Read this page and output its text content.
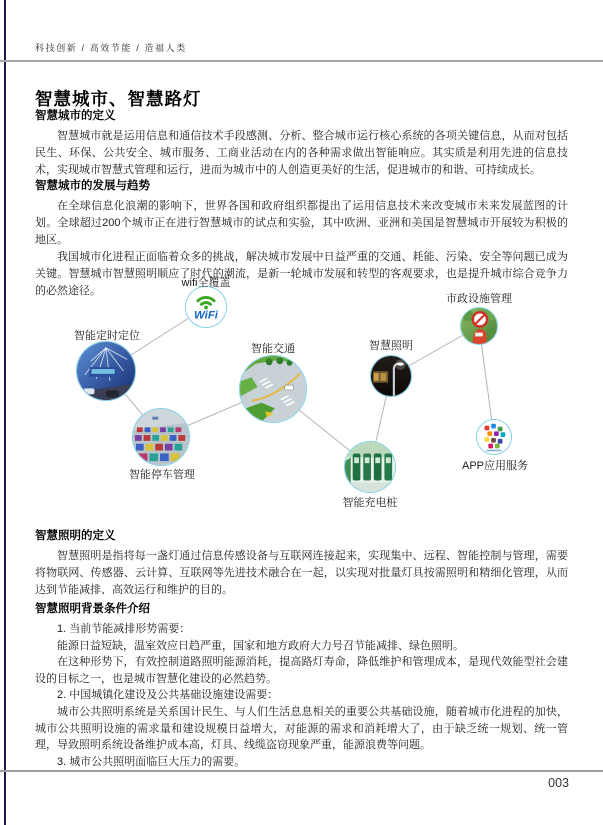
科技创新 / 高效节能 / 造福人类
智慧城市、智慧路灯
智慧城市的定义

智慧城市就是运用信息和通信技术手段感测、分析、整合城市运行核心系统的各项关键信息，从而对包括民生、环保、公共安全、城市服务、工商业活动在内的各种需求做出智能响应。其实质是利用先进的信息技术，实现城市智慧式管理和运行，进而为城市中的人创造更美好的生活，促进城市的和谐、可持续成长。

智慧城市的发展与趋势

在全球信息化浪潮的影响下，世界各国和政府组织都提出了运用信息技术来改变城市未来发展蓝图的计划。全球超过200个城市正在进行智慧城市的试点和实验，其中欧洲、亚洲和美国是智慧城市开展较为积极的地区。

我国城市化进程正面临着众多的挑战，解决城市发展中日益严重的交通、耗能、污染、安全等问题已成为关键。智慧城市智慧照明顺应了时代的潮流，是新一轮城市发展和转型的客观要求，也是提升城市综合竞争力的必然途径。

WiFi
wifi全覆盖
智能定时定位
智能交通	智慧照明
市政设施管理
智能停车管理
智能充电桩
APP应用服务
智慧照明的定义

智慧照明是指将每一盏灯通过信息传感设备与互联网连接起来，实现集中、远程、智能控制与管理，需要将物联网、传感器、云计算、互联网等先进技术融合在一起，以实现对批量灯具按需照明和精细化管理，从而达到节能减排、高效运行和维护的目的。

智慧照明背景条件介绍

1. 当前节能减排形势需要：

能源日益短缺，温室效应日趋严重，国家和地方政府大力号召节能减排、绿色照明。

在这种形势下，有效控制道路照明能源消耗，提高路灯寿命，降低维护和管理成本，是现代效能型社会建设的目标之一，也是城市智慧化建设的必然趋势。

2. 中国城镇化建设及公共基础设施建设需要：

城市公共照明系统是关系国计民生、与人们生活息息相关的重要公共基础设施，随着城市化进程的加快，城市公共照明设施的需求量和建设规模日益增大，对能源的需求和消耗增大了，由于缺乏统一规划、统一管理，导致照明系统设备维护成本高，灯具、线缆盗窃现象严重，能源浪费等问题。

3. 城市公共照明面临巨大压力的需要。

003
